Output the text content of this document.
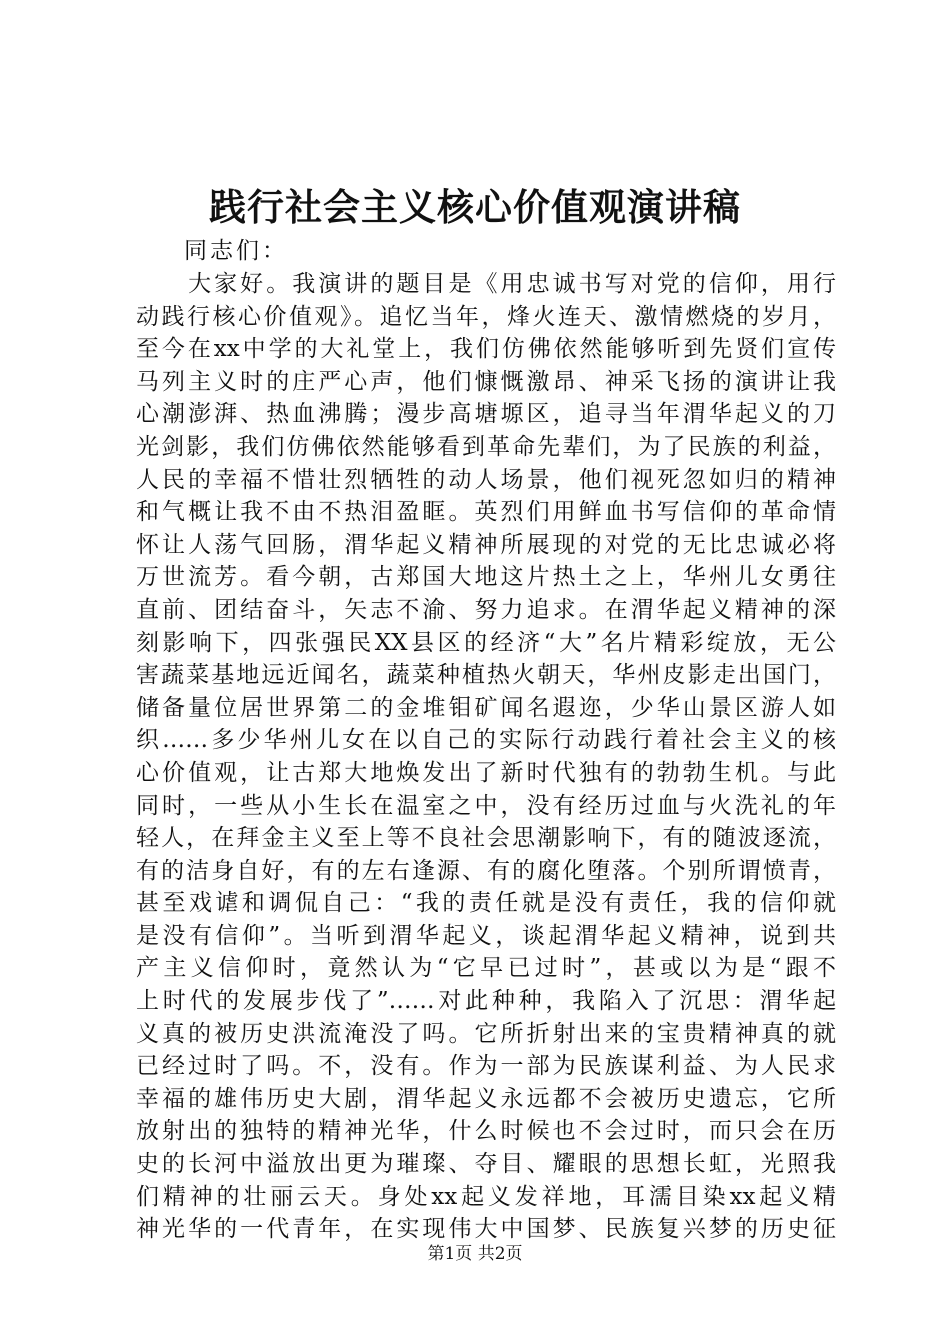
践行社会主义核心价值观演讲稿
同志们：
　　大家好。我演讲的题目是《用忠诚书写对党的信仰，用行
动践行核心价值观》。追忆当年，烽火连天、激情燃烧的岁月，
至今在xx中学的大礼堂上，我们仿佛依然能够听到先贤们宣传
马列主义时的庄严心声，他们慷慨激昂、神采飞扬的演讲让我
心潮澎湃、热血沸腾；漫步高塘塬区，追寻当年渭华起义的刀
光剑影，我们仿佛依然能够看到革命先辈们，为了民族的利益，
人民的幸福不惜壮烈牺牲的动人场景，他们视死忽如归的精神
和气概让我不由不热泪盈眶。英烈们用鲜血书写信仰的革命情
怀让人荡气回肠，渭华起义精神所展现的对党的无比忠诚必将
万世流芳。看今朝，古郑国大地这片热土之上，华州儿女勇往
直前、团结奋斗，矢志不渝、努力追求。在渭华起义精神的深
刻影响下，四张强民XX县区的经济“大”名片精彩绽放，无公
害蔬菜基地远近闻名，蔬菜种植热火朝天，华州皮影走出国门，
储备量位居世界第二的金堆钼矿闻名遐迩，少华山景区游人如
织……多少华州儿女在以自己的实际行动践行着社会主义的核
心价值观，让古郑大地焕发出了新时代独有的勃勃生机。与此
同时，一些从小生长在温室之中，没有经历过血与火洗礼的年
轻人，在拜金主义至上等不良社会思潮影响下，有的随波逐流，
有的洁身自好，有的左右逢源、有的腐化堕落。个别所谓愤青，
甚至戏谑和调侃自己：“我的责任就是没有责任，我的信仰就
是没有信仰”。当听到渭华起义，谈起渭华起义精神，说到共
产主义信仰时，竟然认为“它早已过时”，甚或以为是“跟不
上时代的发展步伐了”……对此种种，我陷入了沉思：渭华起
义真的被历史洪流淹没了吗。它所折射出来的宝贵精神真的就
已经过时了吗。不，没有。作为一部为民族谋利益、为人民求
幸福的雄伟历史大剧，渭华起义永远都不会被历史遗忘，它所
放射出的独特的精神光华，什么时候也不会过时，而只会在历
史的长河中溢放出更为璀璨、夺目、耀眼的思想长虹，光照我
们精神的壮丽云天。身处xx起义发祥地，耳濡目染xx起义精
神光华的一代青年，在实现伟大中国梦、民族复兴梦的历史征
第1页 共2页
